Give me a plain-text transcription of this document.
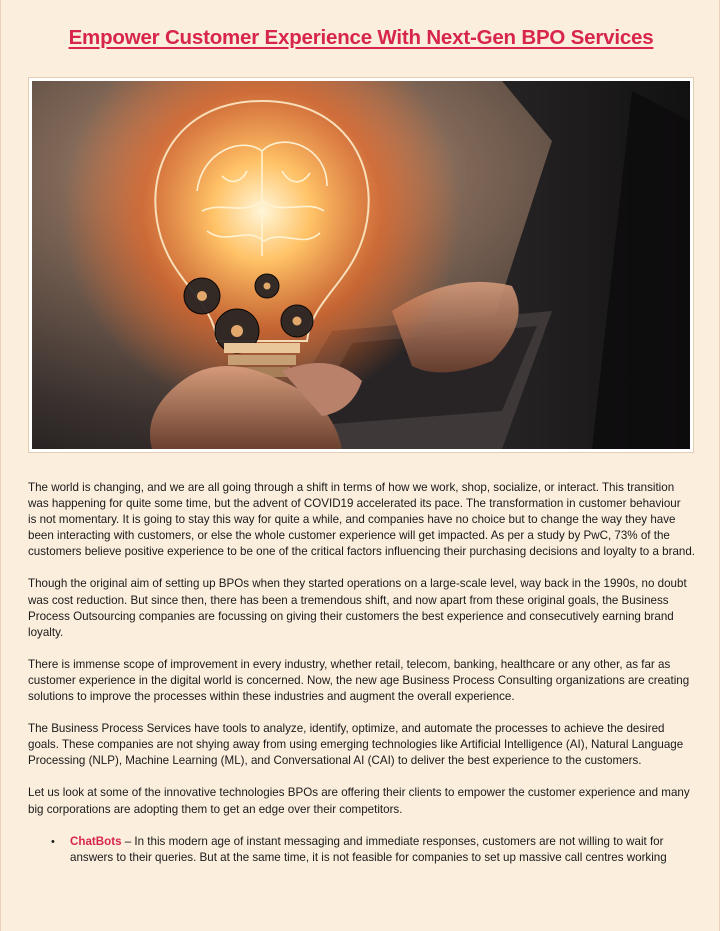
Empower Customer Experience With Next-Gen BPO Services

The world is changing, and we are all going through a shift in terms of how we work, shop, socialize, or interact. This transition was happening for quite some time, but the advent of COVID19 accelerated its pace. The transformation in customer behaviour
is not momentary. It is going to stay this way for quite a while, and companies have no choice but to change the way they have been interacting with customers, or else the whole customer experience will get impacted. As per a study by PwC, 73% of the customers believe positive experience to be one of the critical factors influencing their purchasing decisions and loyalty to a brand.

Though the original aim of setting up BPOs when they started operations on a large-scale level, way back in the 1990s, no doubt was cost reduction. But since then, there has been a tremendous shift, and now apart from these original goals, the Business Process Outsourcing companies are focussing on giving their customers the best experience and consecutively earning brand loyalty.

There is immense scope of improvement in every industry, whether retail, telecom, banking, healthcare or any other, as far as customer experience in the digital world is concerned. Now, the new age Business Process Consulting organizations are creating solutions to improve the processes within these industries and augment the overall experience.

The Business Process Services have tools to analyze, identify, optimize, and automate the processes to achieve the desired goals. These companies are not shying away from using emerging technologies like Artificial Intelligence (AI), Natural Language Processing (NLP), Machine Learning (ML), and Conversational AI (CAI) to deliver the best experience to the customers.

Let us look at some of the innovative technologies BPOs are offering their clients to empower the customer experience and many big corporations are adopting them to get an edge over their competitors.

• ChatBots – In this modern age of instant messaging and immediate responses, customers are not willing to wait for answers to their queries. But at the same time, it is not feasible for companies to set up massive call centres working
